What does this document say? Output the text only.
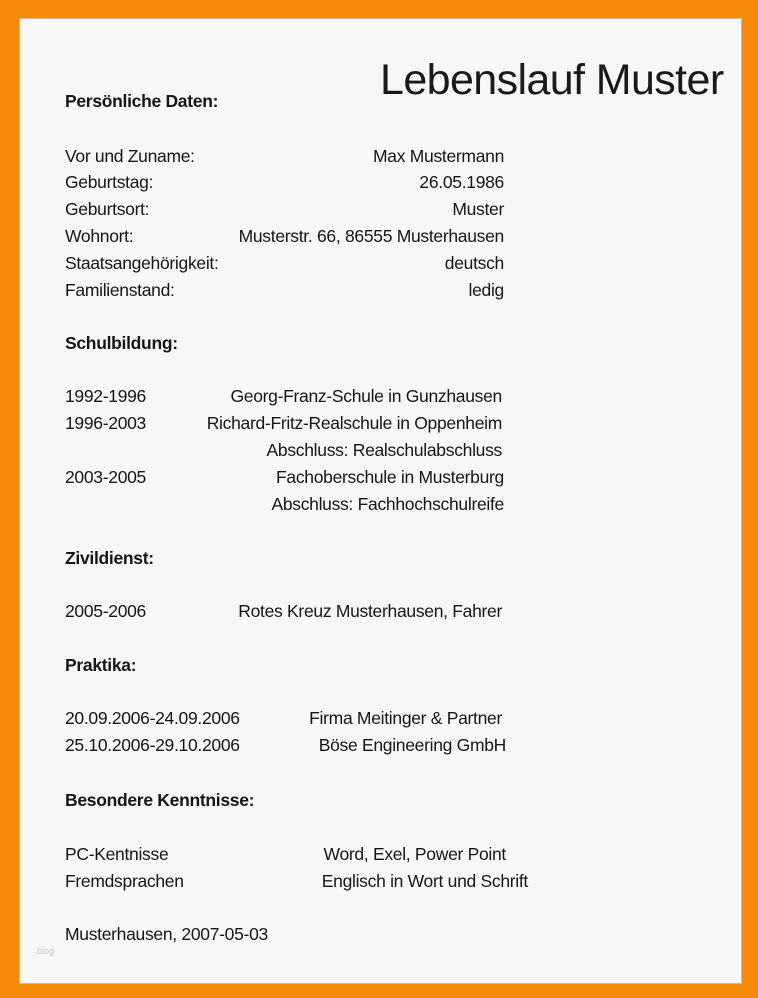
Lebenslauf Muster
Persönliche Daten:
Vor und Zuname:	Max Mustermann
Geburtstag:	26.05.1986
Geburtsort:	Muster
Wohnort:	Musterstr. 66, 86555 Musterhausen
Staatsangehörigkeit:	deutsch
Familienstand:	ledig
Schulbildung:
1992-1996	Georg-Franz-Schule in Gunzhausen
1996-2003	Richard-Fritz-Realschule in Oppenheim
Abschluss: Realschulabschluss
2003-2005	Fachoberschule in Musterburg
Abschluss: Fachhochschulreife
Zivildienst:
2005-2006	Rotes Kreuz Musterhausen, Fahrer
Praktika:
20.09.2006-24.09.2006	Firma Meitinger & Partner
25.10.2006-29.10.2006	Böse Engineering GmbH
Besondere Kenntnisse:
PC-Kentnisse	Word, Exel, Power Point
Fremdsprachen	Englisch in Wort und Schrift
Musterhausen, 2007-05-03
blog
